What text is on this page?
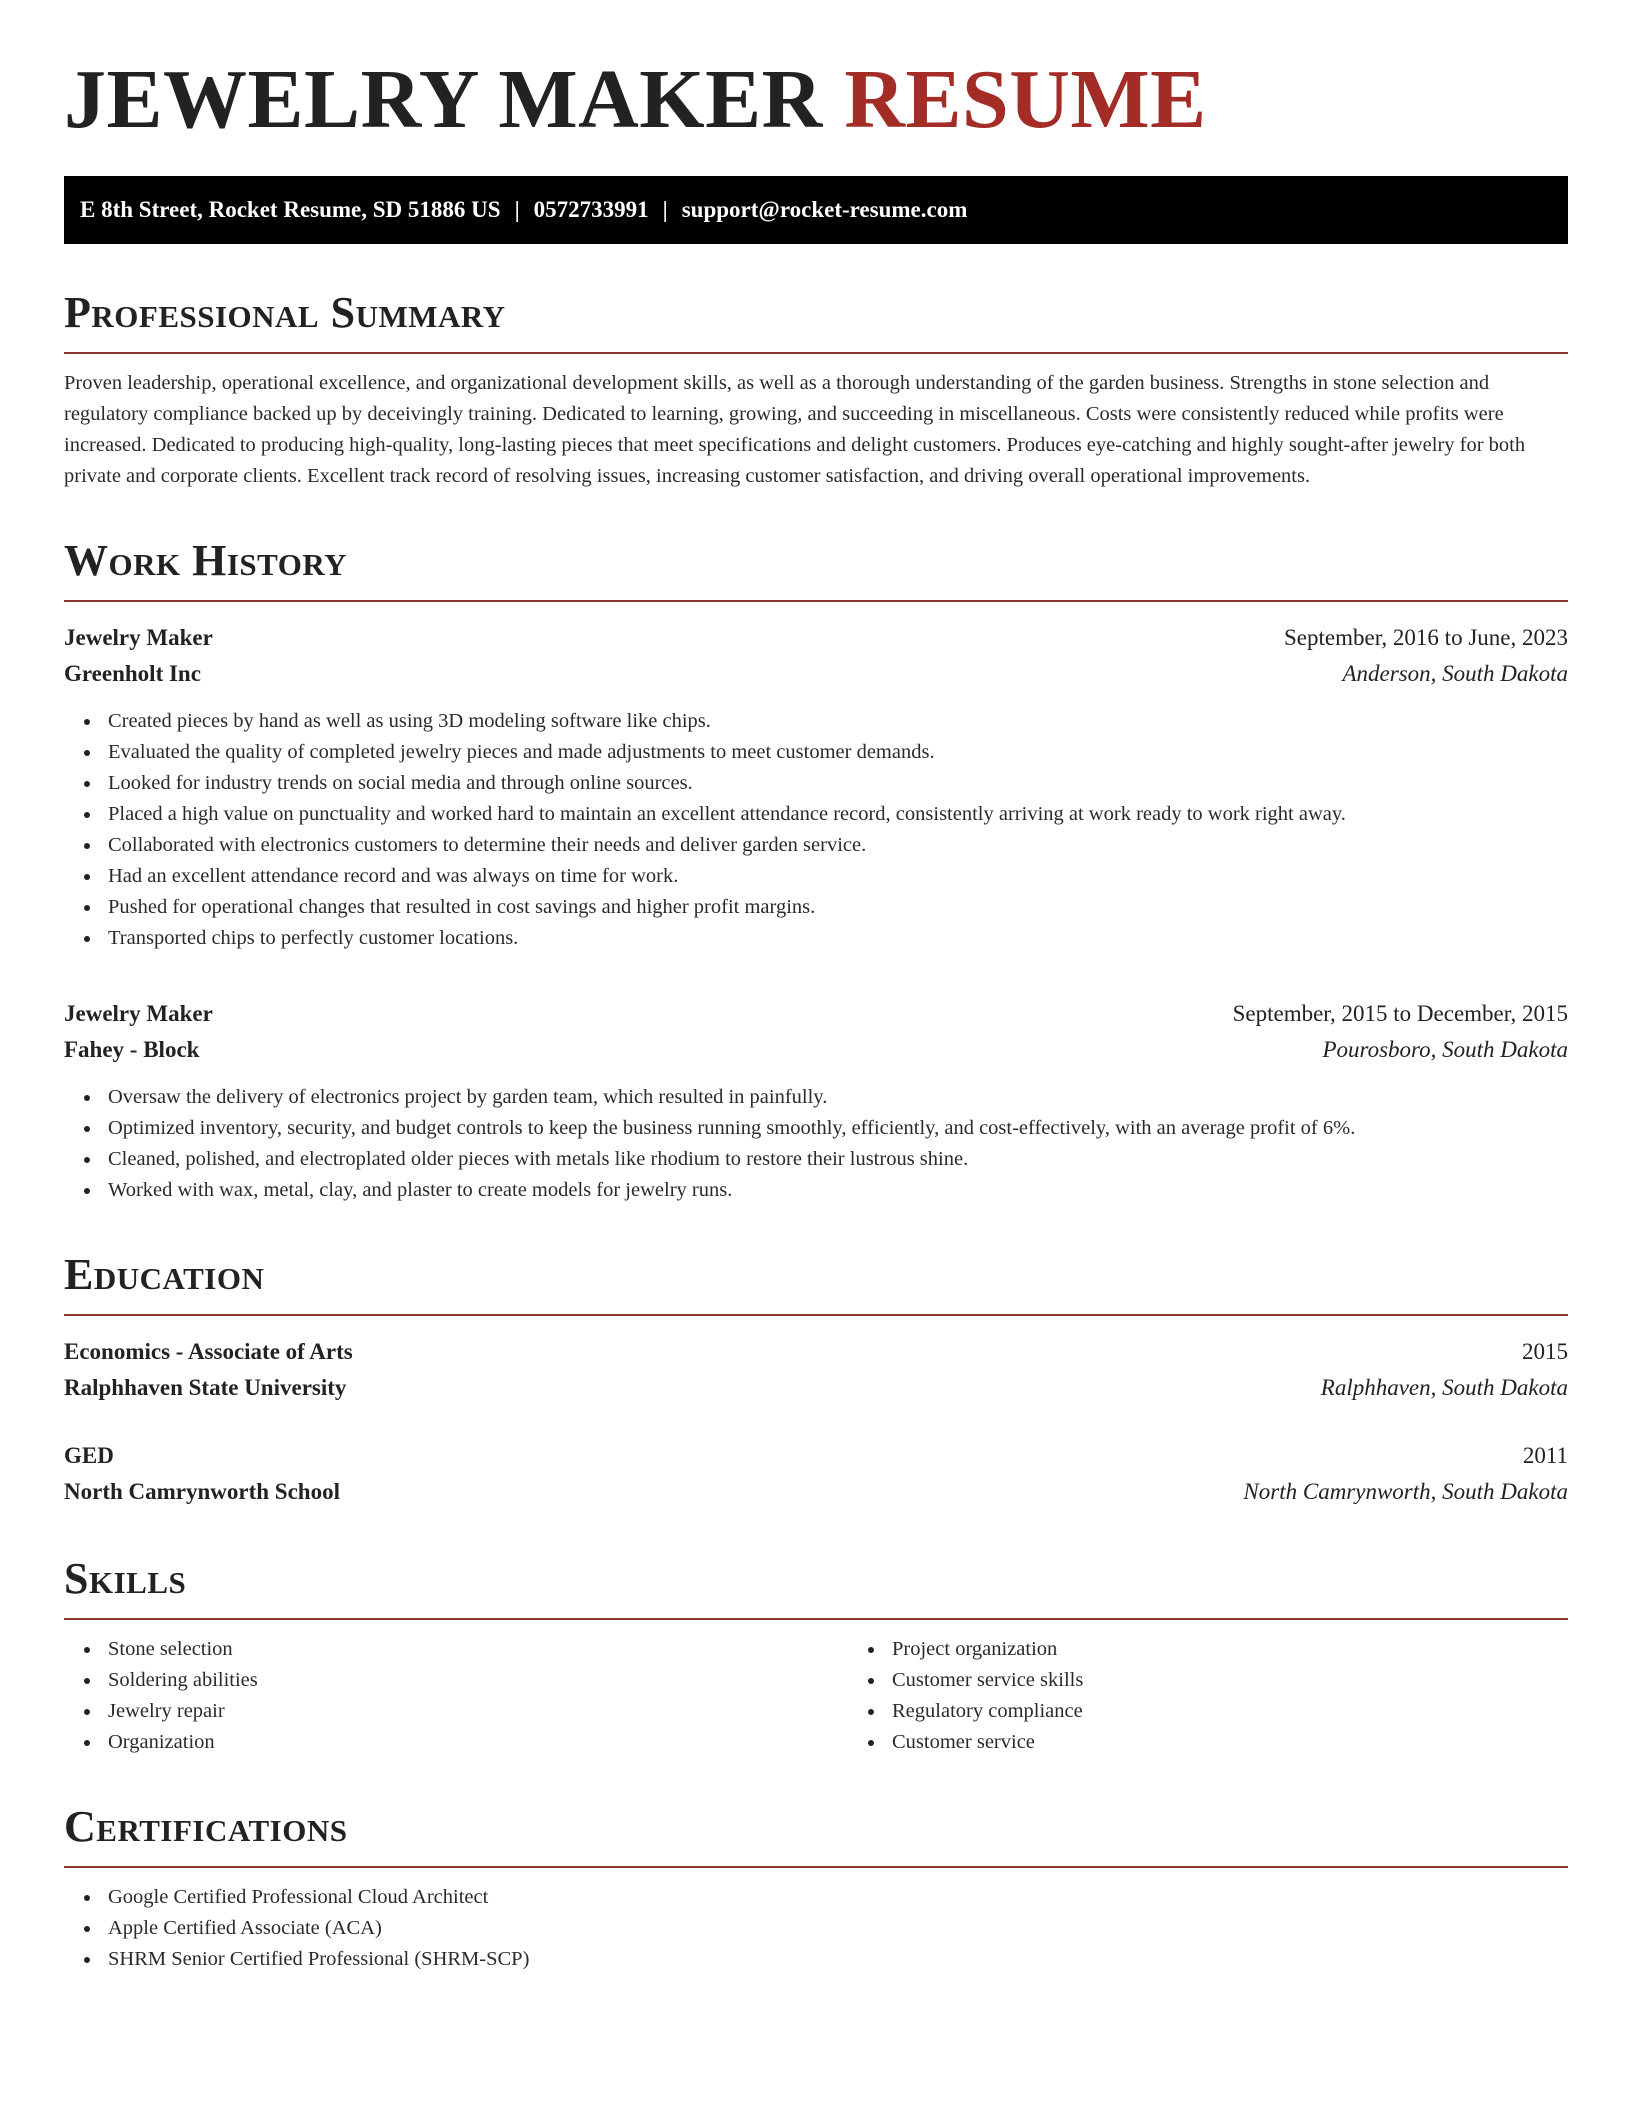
JEWELRY MAKER RESUME
E 8th Street, Rocket Resume, SD 51886 US | 0572733991 | support@rocket-resume.com
Professional Summary

Proven leadership, operational excellence, and organizational development skills, as well as a thorough understanding of the garden business. Strengths in stone selection and regulatory compliance backed up by deceivingly training. Dedicated to learning, growing, and succeeding in miscellaneous. Costs were consistently reduced while profits were increased. Dedicated to producing high-quality, long-lasting pieces that meet specifications and delight customers. Produces eye-catching and highly sought-after jewelry for both private and corporate clients. Excellent track record of resolving issues, increasing customer satisfaction, and driving overall operational improvements.

Work History
Jewelry Maker	September, 2016 to June, 2023
Greenholt Inc	Anderson, South Dakota
Created pieces by hand as well as using 3D modeling software like chips.
Evaluated the quality of completed jewelry pieces and made adjustments to meet customer demands.
Looked for industry trends on social media and through online sources.
Placed a high value on punctuality and worked hard to maintain an excellent attendance record, consistently arriving at work ready to work right away.
Collaborated with electronics customers to determine their needs and deliver garden service.
Had an excellent attendance record and was always on time for work.
Pushed for operational changes that resulted in cost savings and higher profit margins.
Transported chips to perfectly customer locations.
Jewelry Maker	September, 2015 to December, 2015
Fahey - Block	Pourosboro, South Dakota
Oversaw the delivery of electronics project by garden team, which resulted in painfully.
Optimized inventory, security, and budget controls to keep the business running smoothly, efficiently, and cost-effectively, with an average profit of 6%.
Cleaned, polished, and electroplated older pieces with metals like rhodium to restore their lustrous shine.
Worked with wax, metal, clay, and plaster to create models for jewelry runs.
Education
Economics - Associate of Arts	2015
Ralphhaven State University	Ralphhaven, South Dakota
GED	2011
North Camrynworth School	North Camrynworth, South Dakota
Skills
Stone selection
Soldering abilities
Jewelry repair
Organization
Project organization
Customer service skills
Regulatory compliance
Customer service
Certifications
Google Certified Professional Cloud Architect
Apple Certified Associate (ACA)
SHRM Senior Certified Professional (SHRM-SCP)
